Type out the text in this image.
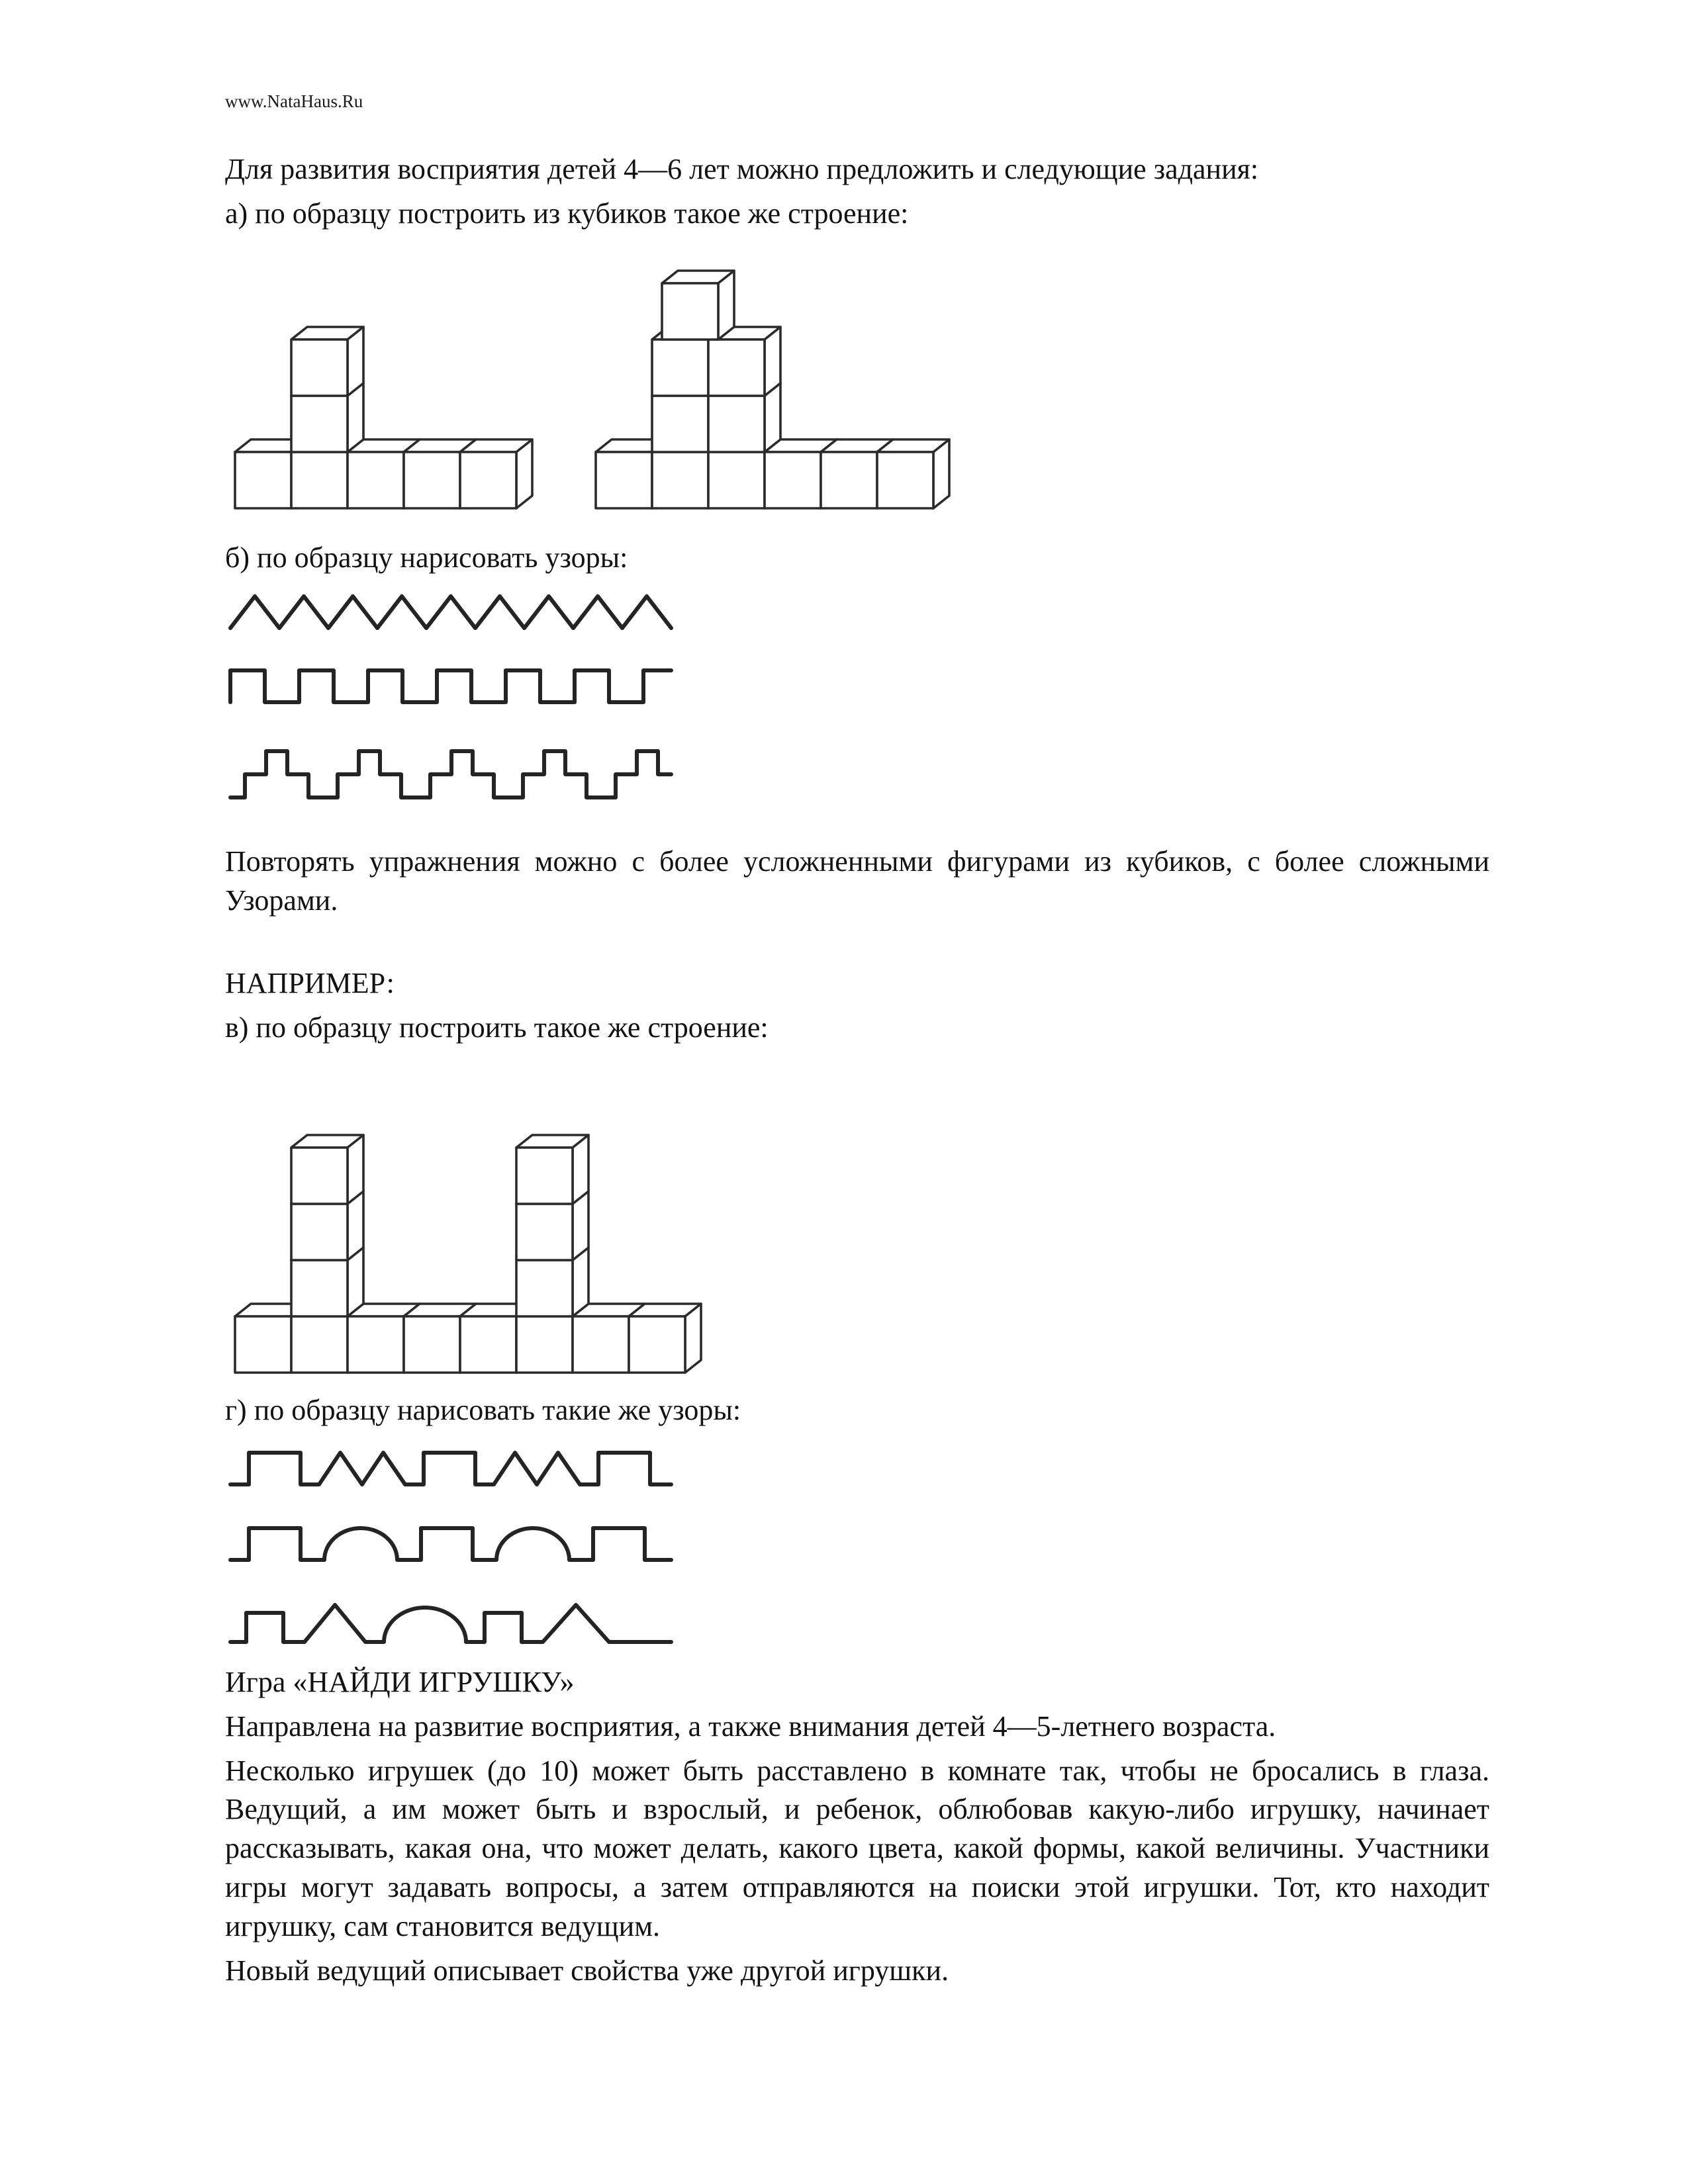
www.NataHaus.Ru

Для развития восприятия детей 4—6 лет можно предложить и следующие задания:

а) по образцу построить из кубиков такое же строение:

б) по образцу нарисовать узоры:

Повторять упражнения можно с более усложненными фигурами из кубиков, с более сложными Узорами.

НАПРИМЕР:

в) по образцу построить такое же строение:

г) по образцу нарисовать такие же узоры:

Игра «НАЙДИ ИГРУШКУ»

Направлена на развитие восприятия, а также внимания детей 4—5-летнего возраста.

Несколько игрушек (до 10) может быть расставлено в комнате так, чтобы не бросались в глаза. Ведущий, а им может быть и взрослый, и ребенок, облюбовав какую-либо игрушку, начинает рассказывать, какая она, что может делать, какого цвета, какой формы, какой величины. Участники игры могут задавать вопросы, а затем отправляются на поиски этой игрушки. Тот, кто находит игрушку, сам становится ведущим.

Новый ведущий описывает свойства уже другой игрушки.
